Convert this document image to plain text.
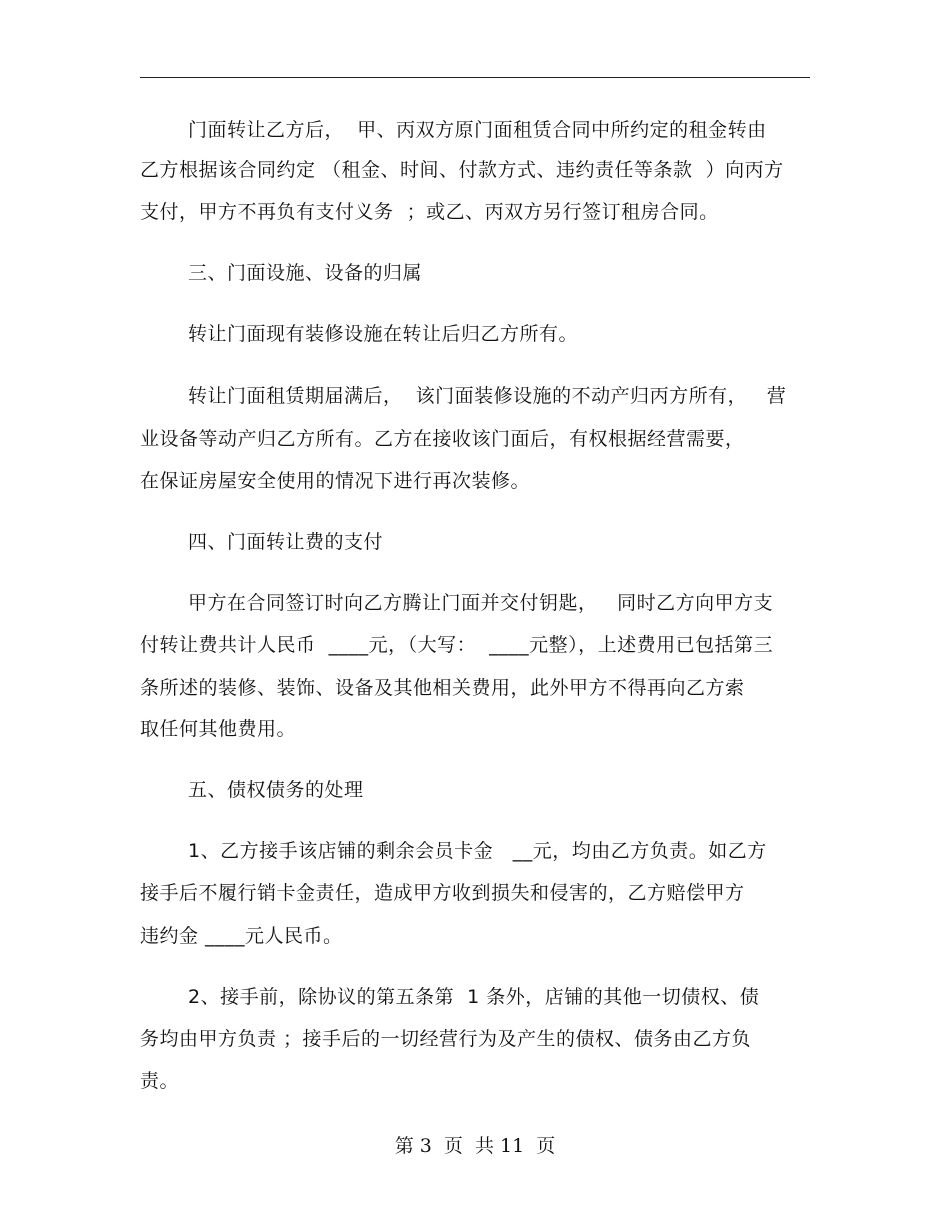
门面转让乙方后，  甲、丙双方原门面租赁合同中所约定的租金转由
乙方根据该合同约定 （租金、时间、付款方式、违约责任等条款  ）向丙方
支付，甲方不再负有支付义务  ；或乙、丙双方另行签订租房合同。
三、门面设施、设备的归属
转让门面现有装修设施在转让后归乙方所有。
转让门面租赁期届满后，  该门面装修设施的不动产归丙方所有，   营
业设备等动产归乙方所有。乙方在接收该门面后，有权根据经营需要，
在保证房屋安全使用的情况下进行再次装修。
四、门面转让费的支付
甲方在合同签订时向乙方腾让门面并交付钥匙，   同时乙方向甲方支
付转让费共计人民币  ____元，（大写：  ____元整），上述费用已包括第三
条所述的装修、装饰、设备及其他相关费用，此外甲方不得再向乙方索
取任何其他费用。
五、债权债务的处理
1、乙方接手该店铺的剩余会员卡金   __元，均由乙方负责。如乙方
接手后不履行销卡金责任，造成甲方收到损失和侵害的，乙方赔偿甲方
违约金 ____元人民币。
2、接手前，除协议的第五条第  1 条外，店铺的其他一切债权、债
务均由甲方负责 ；接手后的一切经营行为及产生的债权、债务由乙方负
责。
第 3  页  共 11  页
